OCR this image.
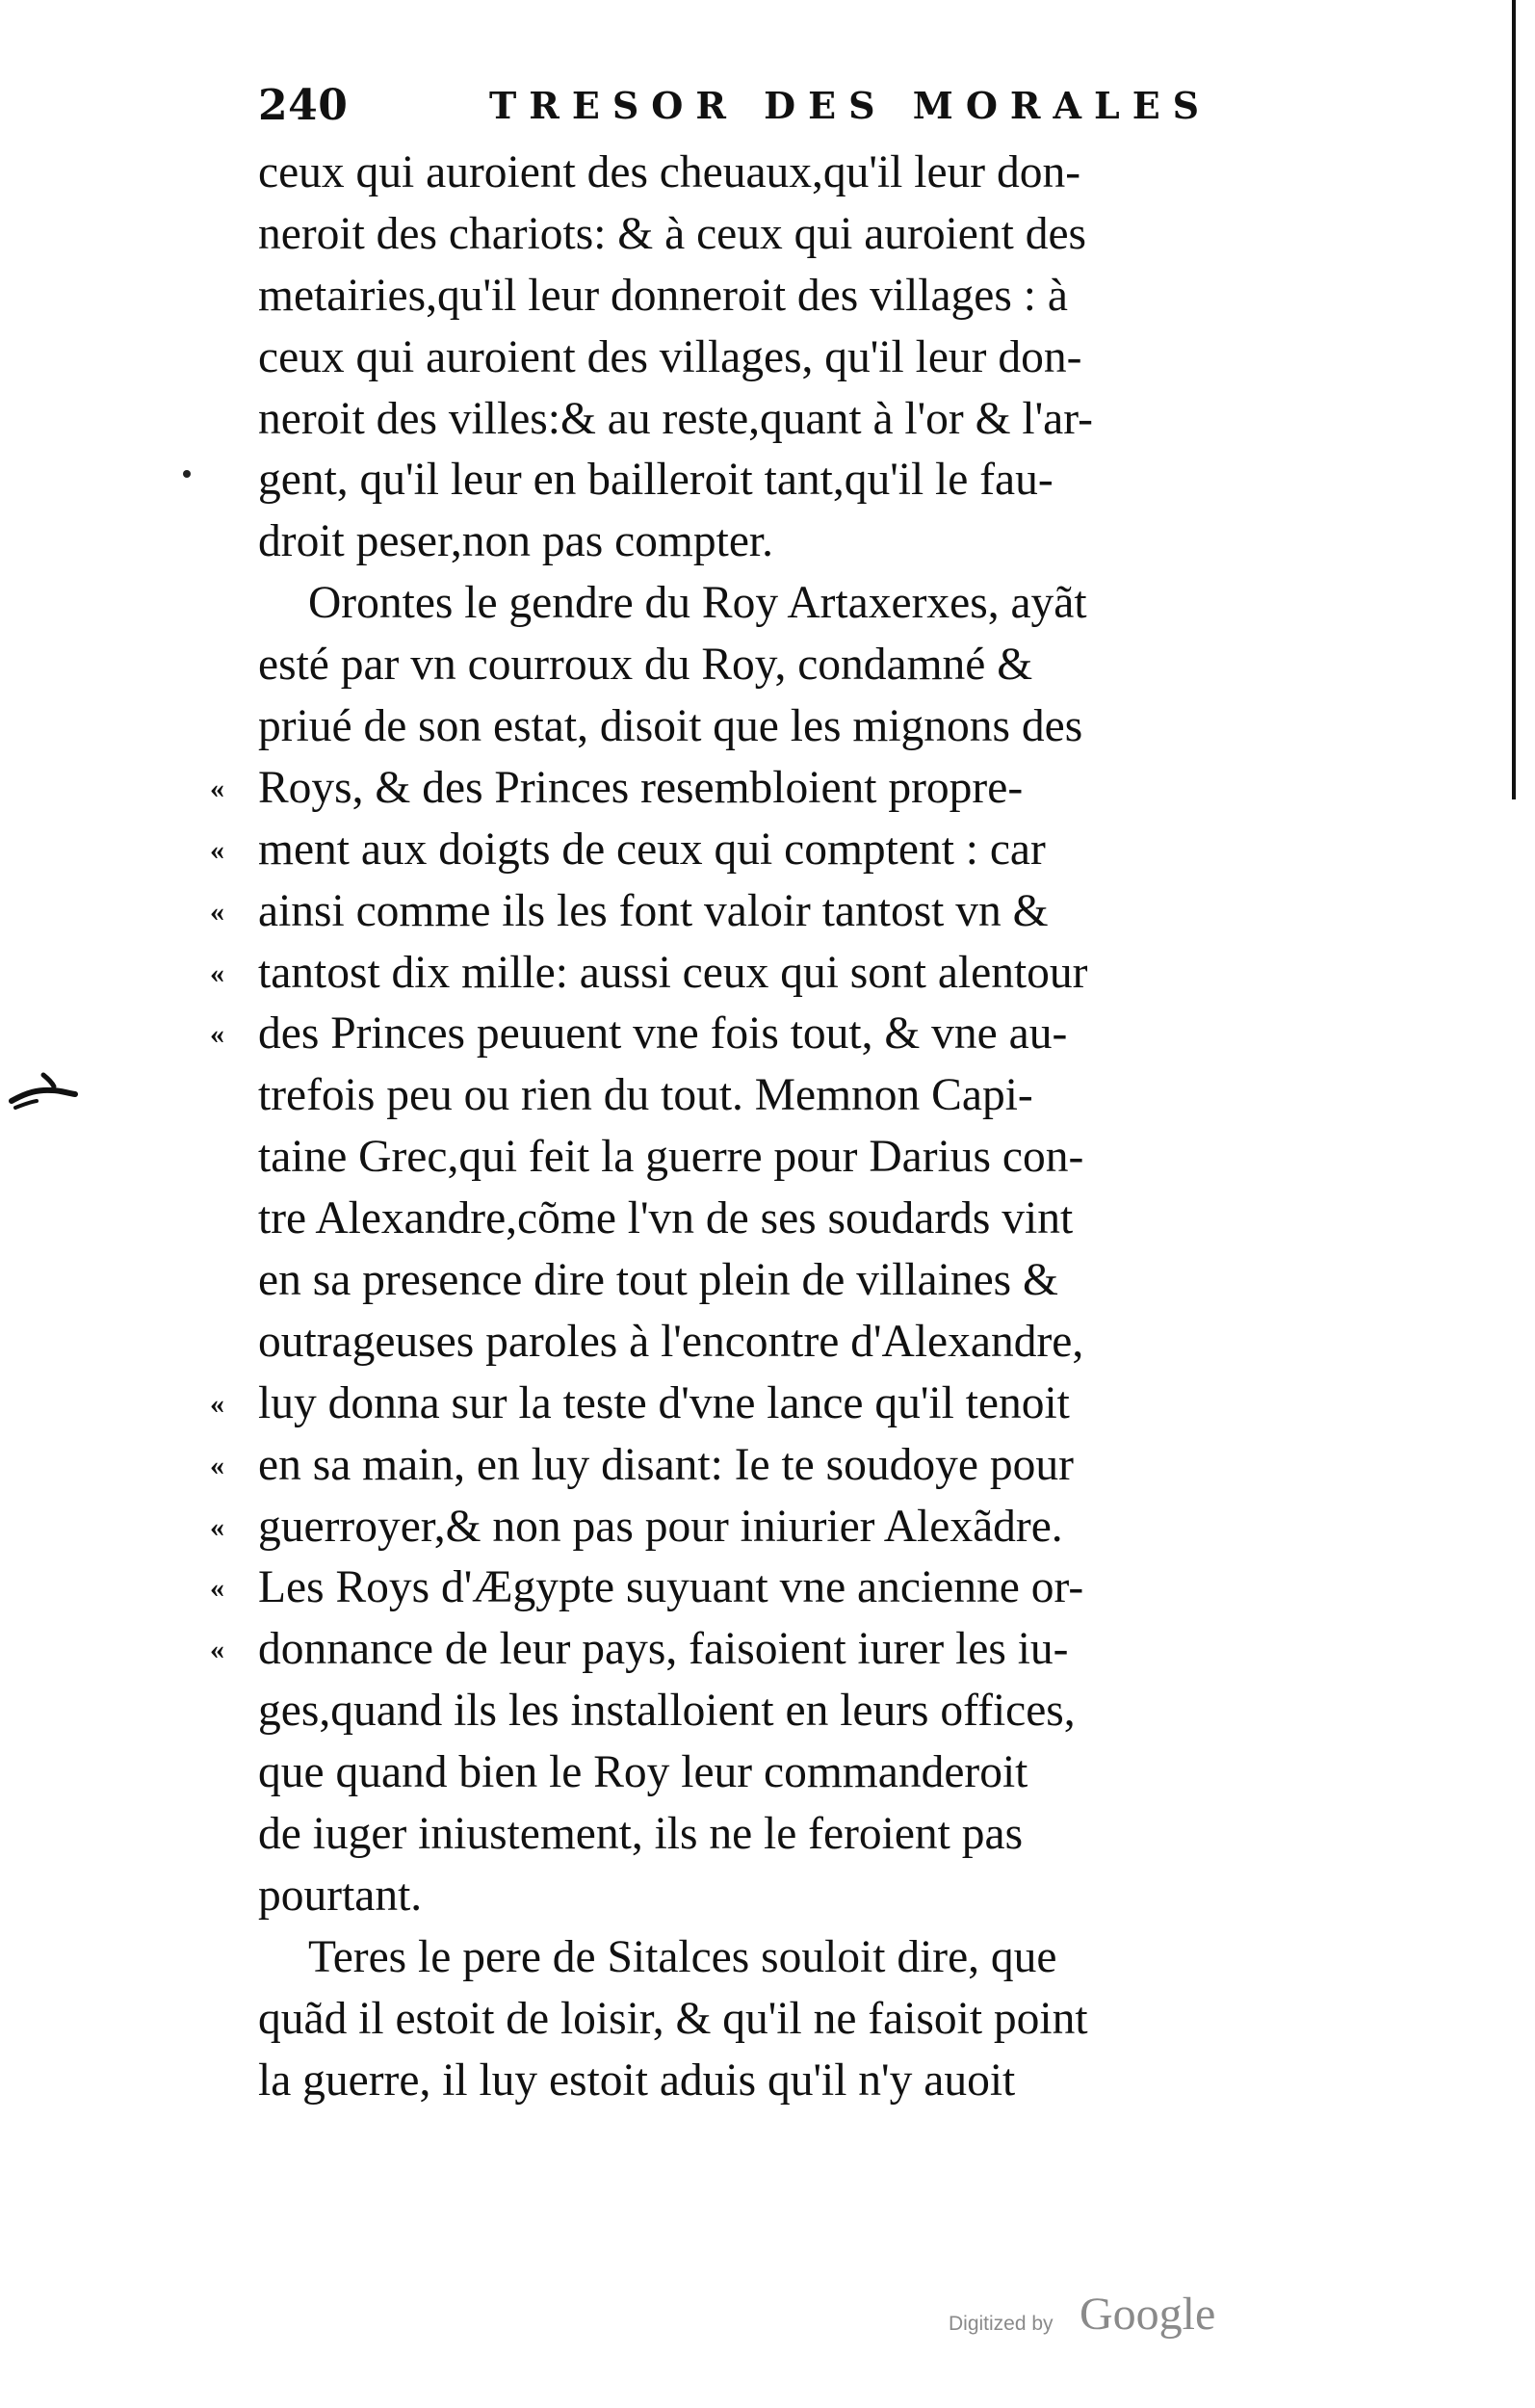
240	TRESOR DES MORALES
ceux qui auroient des cheuaux,qu'il leur don-
neroit des chariots: & à ceux qui auroient des
metairies,qu'il leur donneroit des villages : à
ceux qui auroient des villages, qu'il leur don-
neroit des villes:& au reste,quant à l'or & l'ar-
gent, qu'il leur en bailleroit tant,qu'il le fau-
droit peser,non pas compter.
Orontes le gendre du Roy Artaxerxes, ayãt
esté par vn courroux du Roy, condamné &
priué de son estat, disoit que les mignons des
« Roys, & des Princes resembloient propre-
« ment aux doigts de ceux qui comptent : car
« ainsi comme ils les font valoir tantost vn &
« tantost dix mille: aussi ceux qui sont alentour
« des Princes peuuent vne fois tout, & vne au-
trefois peu ou rien du tout. Memnon Capi-
taine Grec,qui feit la guerre pour Darius con-
tre Alexandre,cõme l'vn de ses soudards vint
en sa presence dire tout plein de villaines &
outrageuses paroles à l'encontre d'Alexandre,
« luy donna sur la teste d'vne lance qu'il tenoit
« en sa main, en luy disant: Ie te soudoye pour
« guerroyer,& non pas pour iniurier Alexãdre.
« Les Roys d'Ægypte suyuant vne ancienne or-
« donnance de leur pays, faisoient iurer les iu-
ges,quand ils les installoient en leurs offices,
que quand bien le Roy leur commanderoit
de iuger iniustement, ils ne le feroient pas
pourtant.
Teres le pere de Sitalces souloit dire, que
quãd il estoit de loisir, & qu'il ne faisoit point
la guerre, il luy estoit aduis qu'il n'y auoit
Digitized by Google
